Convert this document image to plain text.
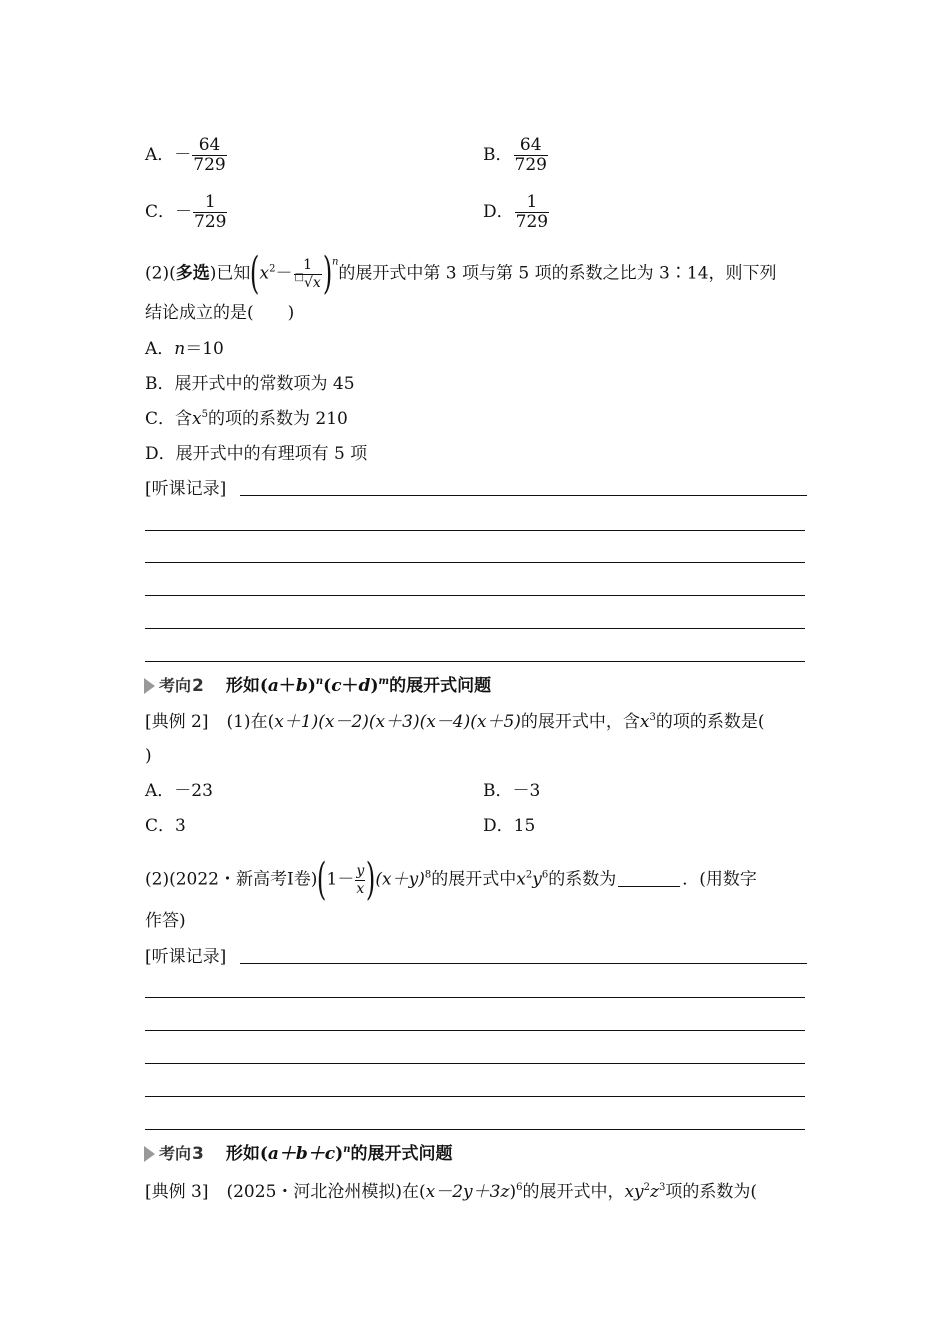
A．－ $\frac{64}{729}$	B． $\frac{64}{729}$
C．－ $\frac{1}{729}$	D． $\frac{1}{729}$
(2)(多选)已知$(x^2- \frac{1}{^□√x} )^n$的展开式中第 3 项与第 5 项的系数之比为 3∶14，则下列
结论成立的是( )
A．n＝10
B．展开式中的常数项为 45
C．含$x^5$的项的系数为 210
D．展开式中的有理项有 5 项
[听课记录]
考向 2 形如$(a+b)^n(c+d)^m$的展开式问题
[典例 2] (1)在(x＋1)(x－2)(x＋3)(x－4)(x＋5)的展开式中，含$x^3$的项的系数是(
)
A．－23	B．－3
C．3	D．15
(2)(2022・新高考Ⅰ卷)$(1- \frac{y}{x} )(x+y)^8$的展开式中$x^2y^6$的系数为	．(用数字
作答)
[听课记录]
考向 3 形如$(a+b+c)^n$的展开式问题
[典例 3] (2025・河北沧州模拟)在$(x-2y+3z)^6$的展开式中，$xy^2z^3$项的系数为(
